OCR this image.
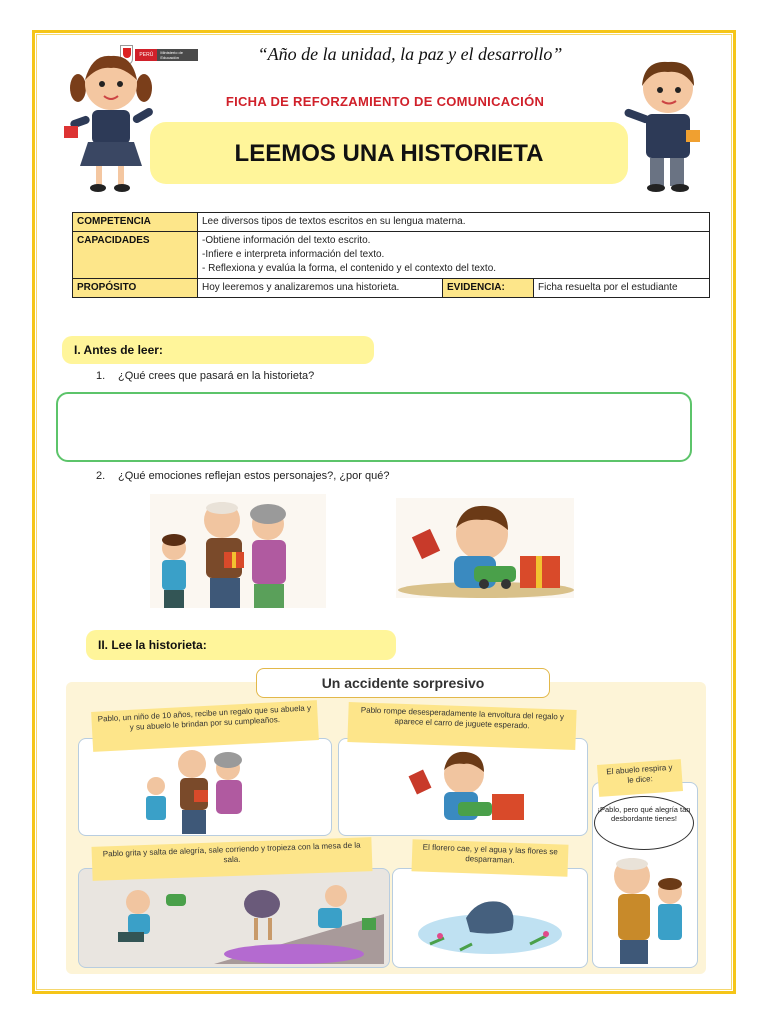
PERÚ	Ministerio de Educación	“Año de la unidad, la paz y el desarrollo”
FICHA DE REFORZAMIENTO DE COMUNICACIÓN
LEEMOS UNA HISTORIETA
COMPETENCIA	Lee diversos tipos de textos escritos en su lengua materna.		
CAPACIDADES	-Obtiene información del texto escrito.
-Infiere e interpreta información del texto.
- Reflexiona y evalúa la forma, el contenido y el contexto del texto.		

PROPÓSITO	Hoy leeremos y analizaremos una historieta.	EVIDENCIA:	Ficha resuelta por el estudiante
I. Antes de leer:
1. ¿Qué crees que pasará en la historieta?
2. ¿Qué emociones reflejan estos personajes?, ¿por qué?
II. Lee la historieta:
Un accidente sorpresivo
Pablo, un niño de 10 años, recibe un regalo que su abuela y y su abuelo le brindan por su cumpleaños.
Pablo rompe desesperadamente la envoltura del regalo y aparece el carro de juguete esperado.
El abuelo respira y le dice:
¡Pablo, pero qué alegría tan desbordante tienes!
Pablo grita y salta de alegría, sale corriendo y tropieza con la mesa de la sala.
El florero cae, y el agua y las flores se desparraman.
